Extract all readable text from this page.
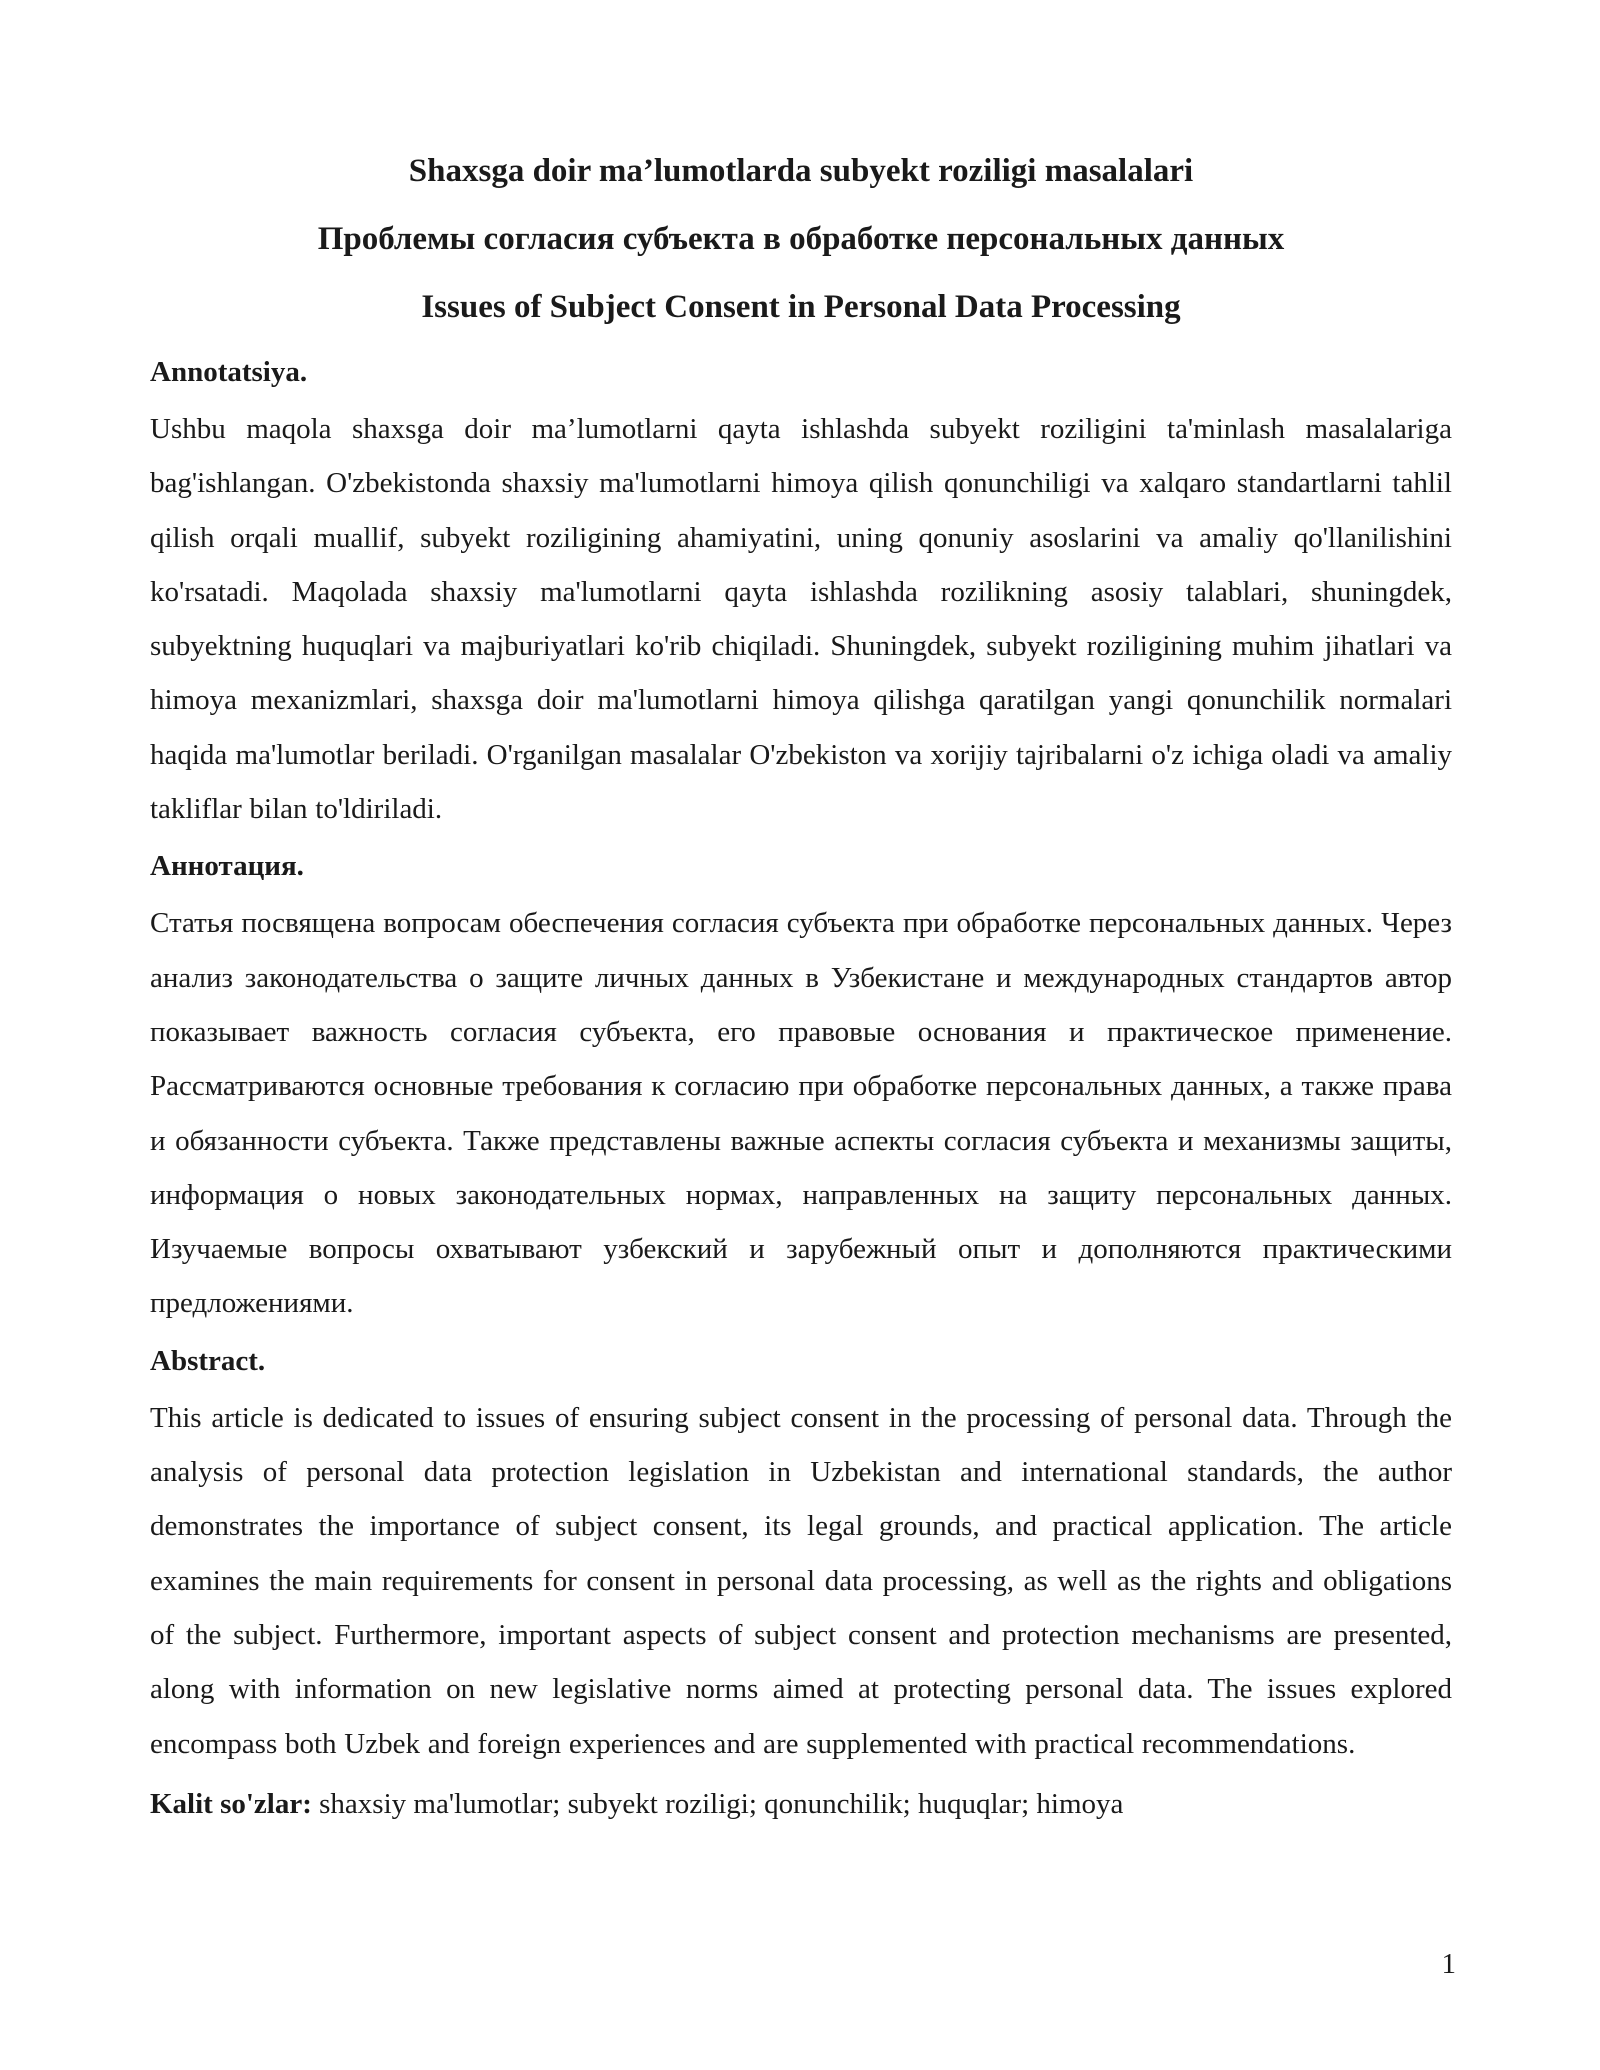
Shaxsga doir ma’lumotlarda subyekt roziligi masalalari
Проблемы согласия субъекта в обработке персональных данных
Issues of Subject Consent in Personal Data Processing
Annotatsiya.

Ushbu maqola shaxsga doir ma’lumotlarni qayta ishlashda subyekt roziligini ta'minlash masalalariga bag'ishlangan. O'zbekistonda shaxsiy ma'lumotlarni himoya qilish qonunchiligi va xalqaro standartlarni tahlil qilish orqali muallif, subyekt roziligining ahamiyatini, uning qonuniy asoslarini va amaliy qo'llanilishini ko'rsatadi. Maqolada shaxsiy ma'lumotlarni qayta ishlashda rozilikning asosiy talablari, shuningdek, subyektning huquqlari va majburiyatlari ko'rib chiqiladi. Shuningdek, subyekt roziligining muhim jihatlari va himoya mexanizmlari, shaxsga doir ma'lumotlarni himoya qilishga qaratilgan yangi qonunchilik normalari haqida ma'lumotlar beriladi. O'rganilgan masalalar O'zbekiston va xorijiy tajribalarni o'z ichiga oladi va amaliy takliflar bilan to'ldiriladi.

Аннотация.

Статья посвящена вопросам обеспечения согласия субъекта при обработке персональных данных. Через анализ законодательства о защите личных данных в Узбекистане и международных стандартов автор показывает важность согласия субъекта, его правовые основания и практическое применение. Рассматриваются основные требования к согласию при обработке персональных данных, а также права и обязанности субъекта. Также представлены важные аспекты согласия субъекта и механизмы защиты, информация о новых законодательных нормах, направленных на защиту персональных данных. Изучаемые вопросы охватывают узбекский и зарубежный опыт и дополняются практическими предложениями.

Abstract.

This article is dedicated to issues of ensuring subject consent in the processing of personal data. Through the analysis of personal data protection legislation in Uzbekistan and international standards, the author demonstrates the importance of subject consent, its legal grounds, and practical application. The article examines the main requirements for consent in personal data processing, as well as the rights and obligations of the subject. Furthermore, important aspects of subject consent and protection mechanisms are presented, along with information on new legislative norms aimed at protecting personal data. The issues explored encompass both Uzbek and foreign experiences and are supplemented with practical recommendations.

Kalit so'zlar: shaxsiy ma'lumotlar; subyekt roziligi; qonunchilik; huquqlar; himoya

1
